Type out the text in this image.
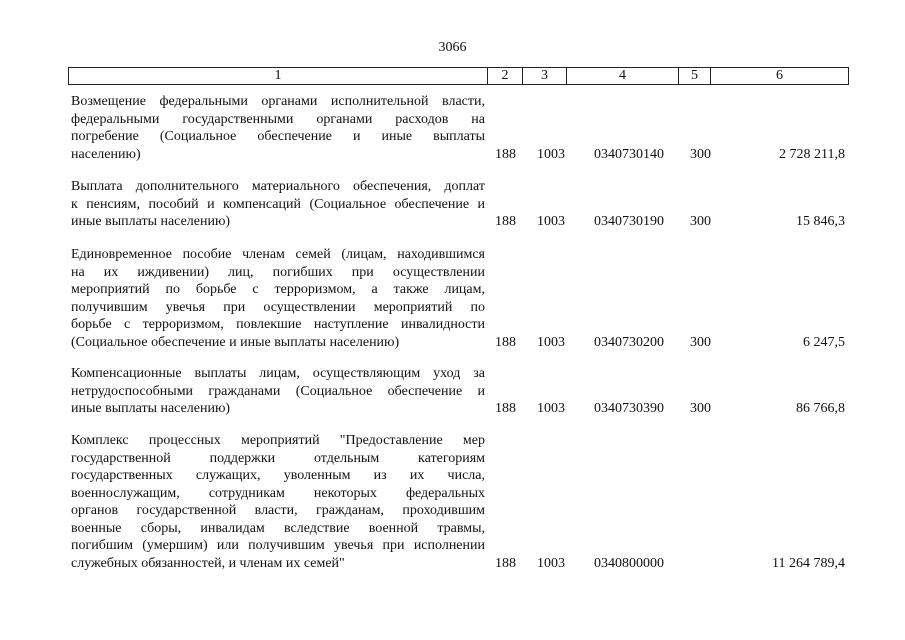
3066
1	2	3	4	5	6
Возмещение федеральными органами исполнительной власти,
федеральными государственными органами расходов на
погребение (Социальное обеспечение и иные выплаты
населению)	188 1003 0340730140 300	2 728 211,8
Выплата дополнительного материального обеспечения, доплат
к пенсиям, пособий и компенсаций (Социальное обеспечение и
иные выплаты населению)	188 1003 0340730190 300	15 846,3
Единовременное пособие членам семей (лицам, находившимся
на их иждивении) лиц, погибших при осуществлении
мероприятий по борьбе с терроризмом, а также лицам,
получившим увечья при осуществлении мероприятий по
борьбе с терроризмом, повлекшие наступление инвалидности
(Социальное обеспечение и иные выплаты населению)	188 1003 0340730200 300	6 247,5
Компенсационные выплаты лицам, осуществляющим уход за
нетрудоспособными гражданами (Социальное обеспечение и
иные выплаты населению)	188 1003 0340730390 300	86 766,8
Комплекс процессных мероприятий "Предоставление мер
государственной поддержки отдельным категориям
государственных служащих, уволенным из их числа,
военнослужащим, сотрудникам некоторых федеральных
органов государственной власти, гражданам, проходившим
военные сборы, инвалидам вследствие военной травмы,
погибшим (умершим) или получившим увечья при исполнении
служебных обязанностей, и членам их семей"	188 1003 0340800000	11 264 789,4
